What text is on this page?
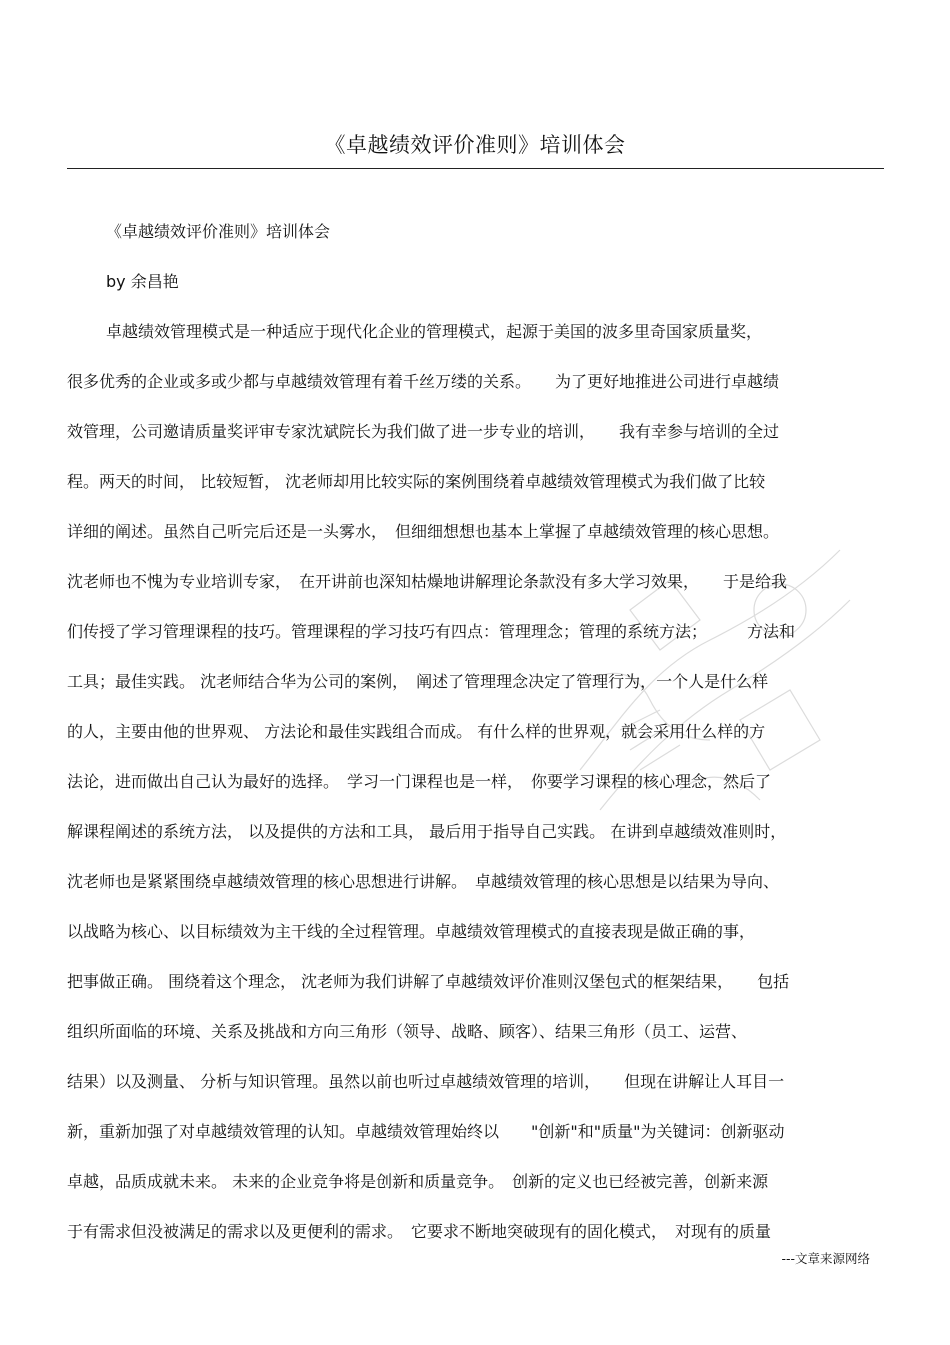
《卓越绩效评价准则》培训体会
《卓越绩效评价准则》培训体会
by 余昌艳
卓越绩效管理模式是一种适应于现代化企业的管理模式，起源于美国的波多里奇国家质量奖，
很多优秀的企业或多或少都与卓越绩效管理有着千丝万缕的关系。　　为了更好地推进公司进行卓越绩
效管理，公司邀请质量奖评审专家沈斌院长为我们做了进一步专业的培训，　　我有幸参与培训的全过
程。两天的时间， 比较短暂， 沈老师却用比较实际的案例围绕着卓越绩效管理模式为我们做了比较
详细的阐述。虽然自己听完后还是一头雾水，　但细细想想也基本上掌握了卓越绩效管理的核心思想。
沈老师也不愧为专业培训专家，　在开讲前也深知枯燥地讲解理论条款没有多大学习效果，　　于是给我
们传授了学习管理课程的技巧。管理课程的学习技巧有四点：管理理念；管理的系统方法；　　　方法和
工具；最佳实践。 沈老师结合华为公司的案例，　阐述了管理理念决定了管理行为，一个人是什么样
的人，主要由他的世界观、 方法论和最佳实践组合而成。 有什么样的世界观，就会采用什么样的方
法论，进而做出自己认为最好的选择。　学习一门课程也是一样，　你要学习课程的核心理念，然后了
解课程阐述的系统方法， 以及提供的方法和工具， 最后用于指导自己实践。 在讲到卓越绩效准则时，
沈老师也是紧紧围绕卓越绩效管理的核心思想进行讲解。　卓越绩效管理的核心思想是以结果为导向、
以战略为核心、以目标绩效为主干线的全过程管理。卓越绩效管理模式的直接表现是做正确的事，
把事做正确。 围绕着这个理念， 沈老师为我们讲解了卓越绩效评价准则汉堡包式的框架结果，　　包括
组织所面临的环境、关系及挑战和方向三角形（领导、战略、顾客）、结果三角形（员工、运营、
结果）以及测量、 分析与知识管理。虽然以前也听过卓越绩效管理的培训，　　但现在讲解让人耳目一
新，重新加强了对卓越绩效管理的认知。卓越绩效管理始终以　　"创新"和"质量"为关键词：创新驱动
卓越，品质成就未来。 未来的企业竞争将是创新和质量竞争。　创新的定义也已经被完善，创新来源
于有需求但没被满足的需求以及更便利的需求。　它要求不断地突破现有的固化模式，　对现有的质量
---文章来源网络
